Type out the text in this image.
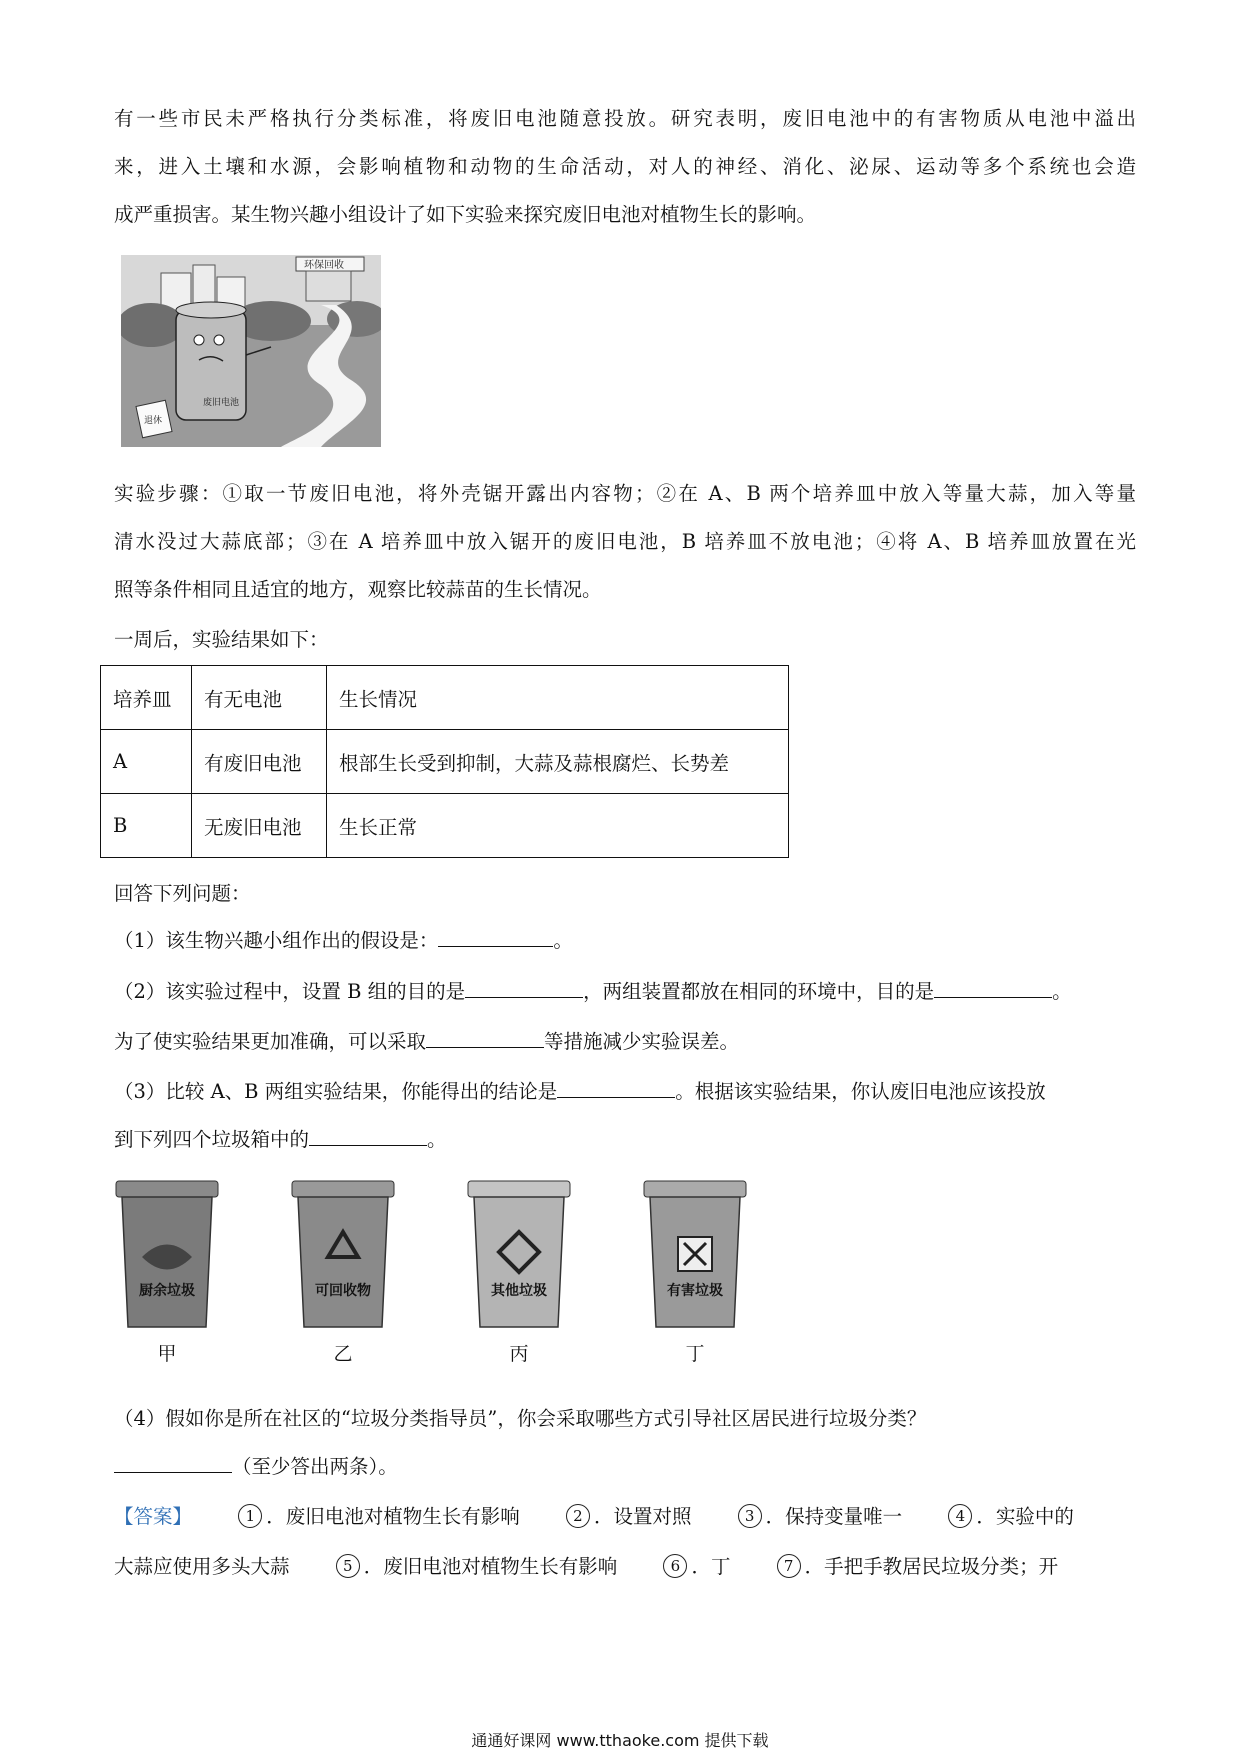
有一些市民未严格执行分类标准，将废旧电池随意投放。研究表明，废旧电池中的有害物质从电池中溢出

来，进入土壤和水源，会影响植物和动物的生命活动，对人的神经、消化、泌尿、运动等多个系统也会造

成严重损害。某生物兴趣小组设计了如下实验来探究废旧电池对植物生长的影响。

环保回收
废旧电池
退休

实验步骤：①取一节废旧电池，将外壳锯开露出内容物；②在 A、B 两个培养皿中放入等量大蒜，加入等量

清水没过大蒜底部；③在 A 培养皿中放入锯开的废旧电池，B 培养皿不放电池；④将 A、B 培养皿放置在光

照等条件相同且适宜的地方，观察比较蒜苗的生长情况。

一周后，实验结果如下：

培养皿	有无电池	生长情况
A	有废旧电池	根部生长受到抑制，大蒜及蒜根腐烂、长势差
B	无废旧电池	生长正常

回答下列问题：

（1）该生物兴趣小组作出的假设是：	。

（2）该实验过程中，设置 B 组的目的是	，两组装置都放在相同的环境中，目的是	。

为了使实验结果更加准确，可以采取	等措施减少实验误差。

（3）比较 A、B 两组实验结果，你能得出的结论是	。根据该实验结果，你认废旧电池应该投放

到下列四个垃圾箱中的	。

厨余垃圾
甲
可回收物
乙
其他垃圾
丙
有害垃圾
丁

（4）假如你是所在社区的“垃圾分类指导员”，你会采取哪些方式引导社区居民进行垃圾分类？

（至少答出两条）。

【答案】	1 ．废旧电池对植物生长有影响	2 ．设置对照	3 ．保持变量唯一	4 ．实验中的

大蒜应使用多头大蒜	5 ．废旧电池对植物生长有影响	6 ．丁	7 ．手把手教居民垃圾分类；开

通通好课网 www.tthaoke.com 提供下载
